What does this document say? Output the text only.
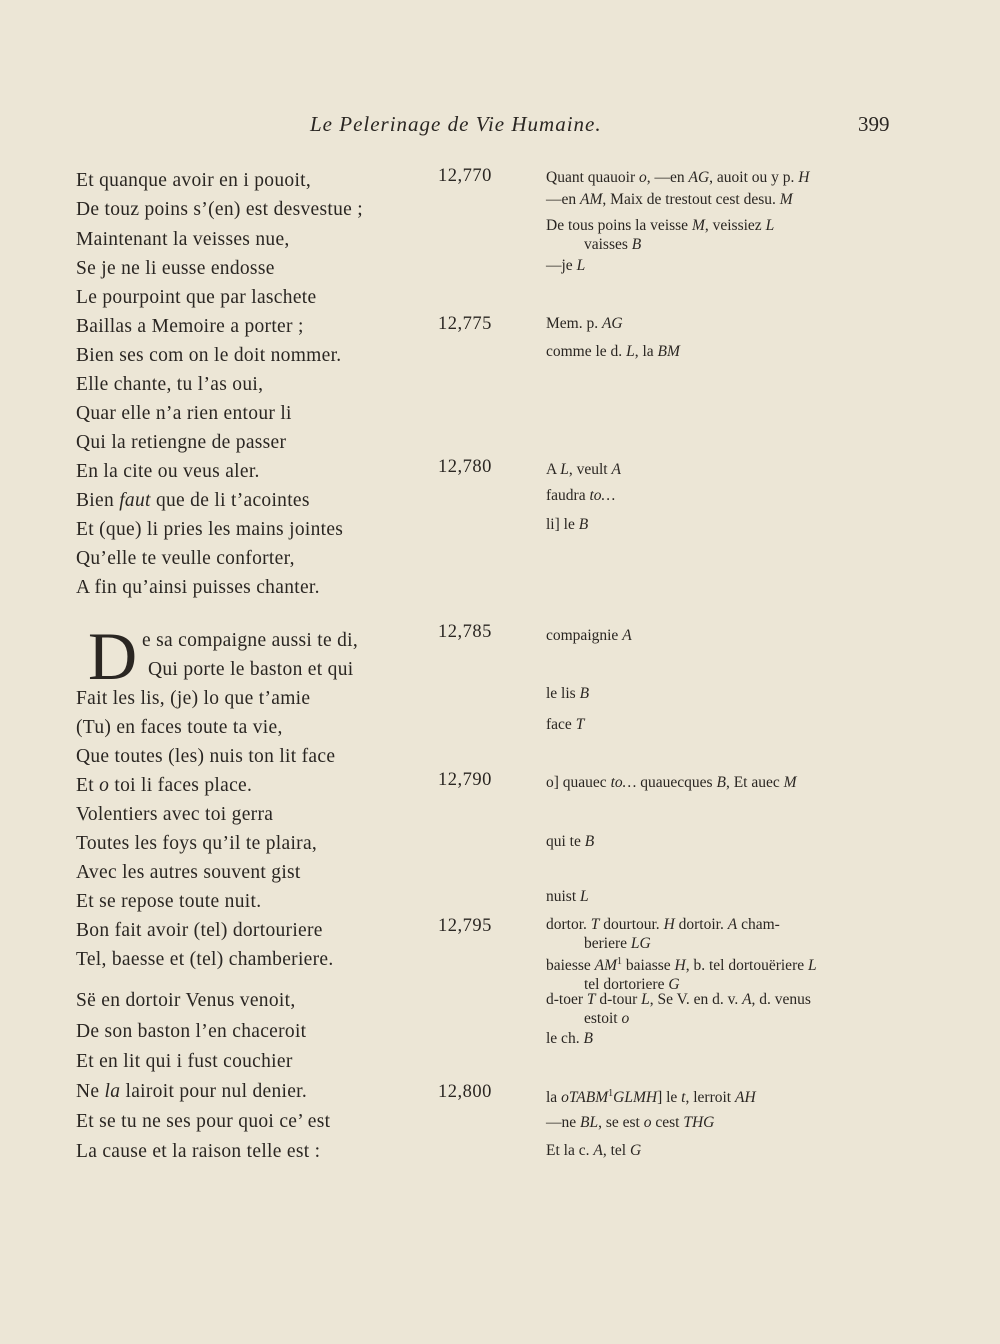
Le Pelerinage de Vie Humaine.	399
Et quanque avoir en i pouoit,
De touz poins s’(en) est desvestue ;
Maintenant la veisses nue,
Se je ne li eusse endosse
Le pourpoint que par laschete
Baillas a Memoire a porter ;
Bien ses com on le doit nommer.
Elle chante, tu l’as oui,
Quar elle n’a rien entour li
Qui la retiengne de passer
En la cite ou veus aler.
Bien faut que de li t’acointes
Et (que) li pries les mains jointes
Qu’elle te veulle conforter,
A fin qu’ainsi puisses chanter.
D e sa compaigne aussi te di,
Qui porte le baston et qui
Fait les lis, (je) lo que t’amie
(Tu) en faces toute ta vie,
Que toutes (les) nuis ton lit face
Et o toi li faces place.
Volentiers avec toi gerra
Toutes les foys qu’il te plaira,
Avec les autres souvent gist
Et se repose toute nuit.
Bon fait avoir (tel) dortouriere
Tel, baesse et (tel) chamberiere.
Së en dortoir Venus venoit,
De son baston l’en chaceroit
Et en lit qui i fust couchier
Ne la lairoit pour nul denier.
Et se tu ne ses pour quoi ce’ est
La cause et la raison telle est :
12,770
12,775
12,780
12,785
12,790
12,795
12,800
Quant quauoir o, —en AG, auoit ou y p. H
—en AM, Maix de trestout cest desu. M
De tous poins la veisse M, veissiez L
vaisses B
—je L
Mem. p. AG
comme le d. L, la BM
A L, veult A
faudra to…
li] le B
compaignie A
le lis B
face T
o] quauec to… quauecques B, Et auec M
qui te B
nuist L
dortor. T dourtour. H dortoir. A cham-
beriere LG
baiesse $AM^1$ baiasse H, b. tel dortouëriere L
tel dortoriere G
d-toer T d-tour L, Se V. en d. v. A, d. venus
estoit o
le ch. B
la oTABM$^1$GLMH] le t, lerroit AH
—ne BL, se est o cest THG
Et la c. A, tel G
